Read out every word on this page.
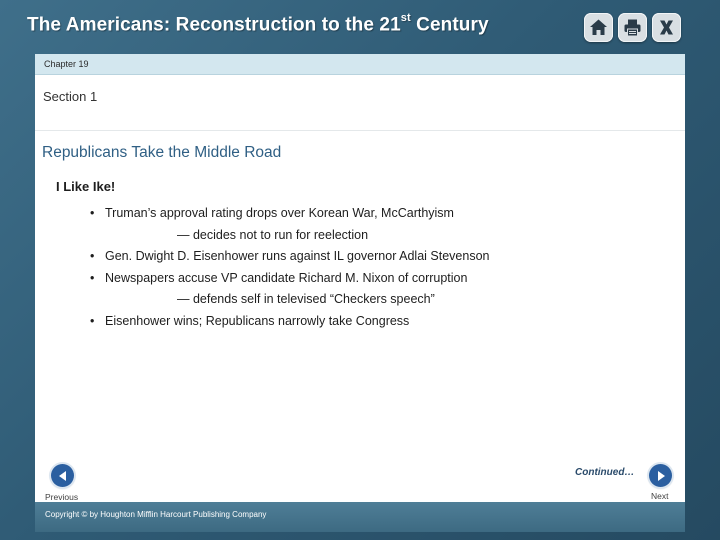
The Americans: Reconstruction to the 21st Century
Chapter 19
Section 1
Republicans Take the Middle Road
I Like Ike!
• Truman’s approval rating drops over Korean War, McCarthyism
— decides not to run for reelection
• Gen. Dwight D. Eisenhower runs against IL governor Adlai Stevenson
• Newspapers accuse VP candidate Richard M. Nixon of corruption
— defends self in televised “Checkers speech”
• Eisenhower wins; Republicans narrowly take Congress
Continued…
Previous	Next
Copyright © by Houghton Mifflin Harcourt Publishing Company
